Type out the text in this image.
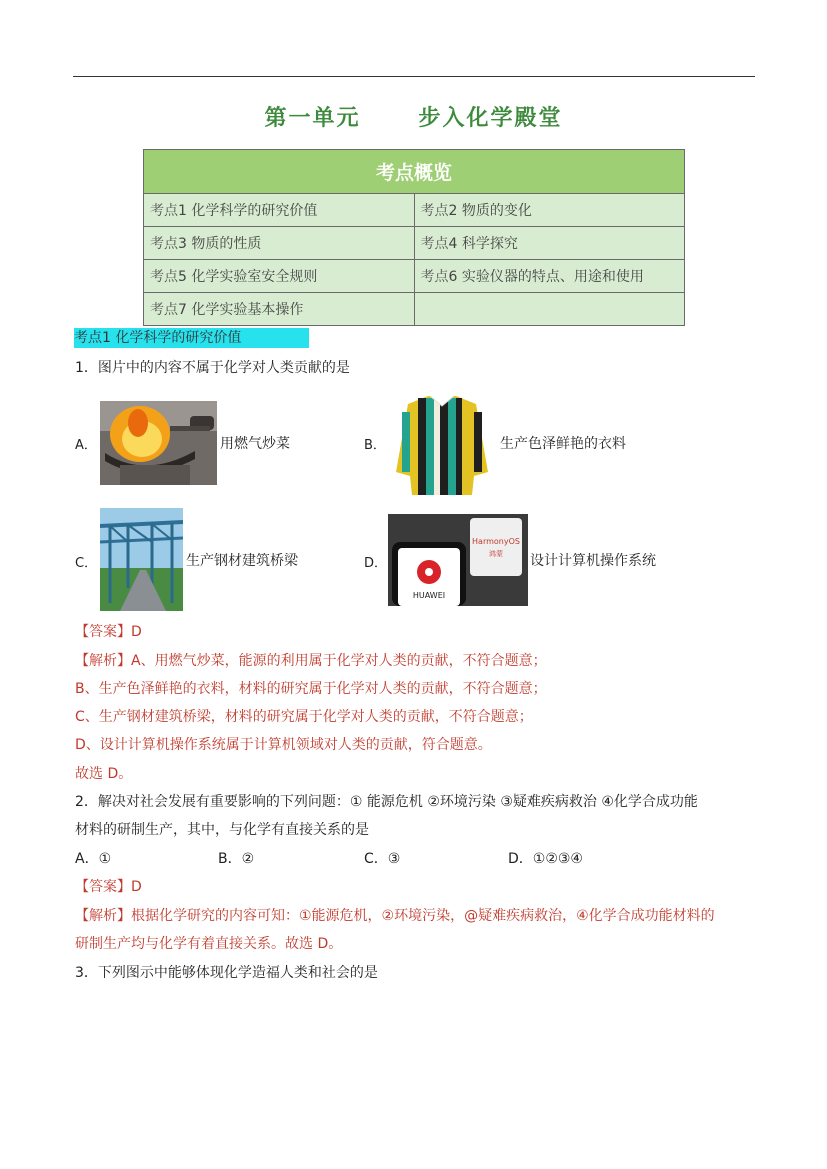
第一单元      步入化学殿堂
考点概览	
考点1 化学科学的研究价值	考点2 物质的变化
考点3 物质的性质	考点4 科学探究
考点5 化学实验室安全规则	考点6 实验仪器的特点、用途和使用
考点7 化学实验基本操作	
考点1 化学科学的研究价值
1．图片中的内容不属于化学对人类贡献的是
A．	用燃气炒菜	B．	生产色泽鲜艳的衣料
C．	生产钢材建筑桥梁	D．
HarmonyOS
鸿蒙
HUAWEI
设计计算机操作系统
【答案】D
【解析】A、用燃气炒菜，能源的利用属于化学对人类的贡献，不符合题意；
B、生产色泽鲜艳的衣料，材料的研究属于化学对人类的贡献，不符合题意；
C、生产钢材建筑桥梁，材料的研究属于化学对人类的贡献，不符合题意；
D、设计计算机操作系统属于计算机领域对人类的贡献，符合题意。
故选 D。
2．解决对社会发展有重要影响的下列问题：① 能源危机 ②环境污染 ③疑难疾病救治 ④化学合成功能
材料的研制生产，其中，与化学有直接关系的是
A．①	B．②	C．③	D．①②③④
【答案】D
【解析】根据化学研究的内容可知：①能源危机，②环境污染，@疑难疾病救治，④化学合成功能材料的
研制生产均与化学有着直接关系。故选 D。
3．下列图示中能够体现化学造福人类和社会的是
